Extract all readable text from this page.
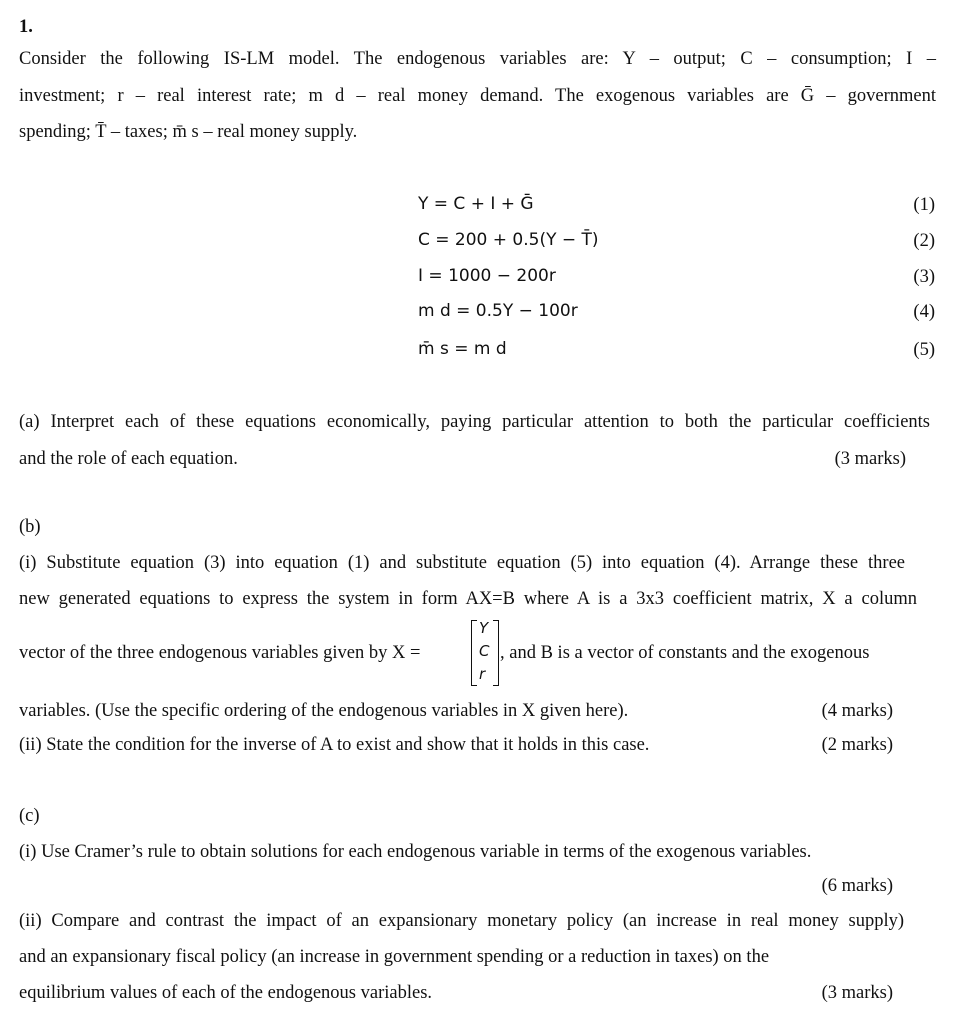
1.
Consider the following IS-LM model. The endogenous variables are: Y – output; C – consumption; I –
investment; r – real interest rate; m d – real money demand. The exogenous variables are Ḡ – government
spending; T̄ – taxes; m̄ s – real money supply.
Y = C + I + Ḡ	(1)
C = 200 + 0.5(Y − T̄)	(2)
I = 1000 − 200r	(3)
m d = 0.5Y − 100r	(4)
m̄ s = m d	(5)
(a) Interpret each of these equations economically, paying particular attention to both the particular coefficients
and the role of each equation.	(3 marks)
(b)
(i) Substitute equation (3) into equation (1) and substitute equation (5) into equation (4). Arrange these three
new generated equations to express the system in form AX=B where A is a 3x3 coefficient matrix, X a column
vector of the three endogenous variables given by X =
Y
C
r
, and B is a vector of constants and the exogenous
variables. (Use the specific ordering of the endogenous variables in X given here).	(4 marks)
(ii) State the condition for the inverse of A to exist and show that it holds in this case.	(2 marks)
(c)
(i) Use Cramer’s rule to obtain solutions for each endogenous variable in terms of the exogenous variables.
(6 marks)
(ii) Compare and contrast the impact of an expansionary monetary policy (an increase in real money supply)
and an expansionary fiscal policy (an increase in government spending or a reduction in taxes) on the
equilibrium values of each of the endogenous variables.	(3 marks)
